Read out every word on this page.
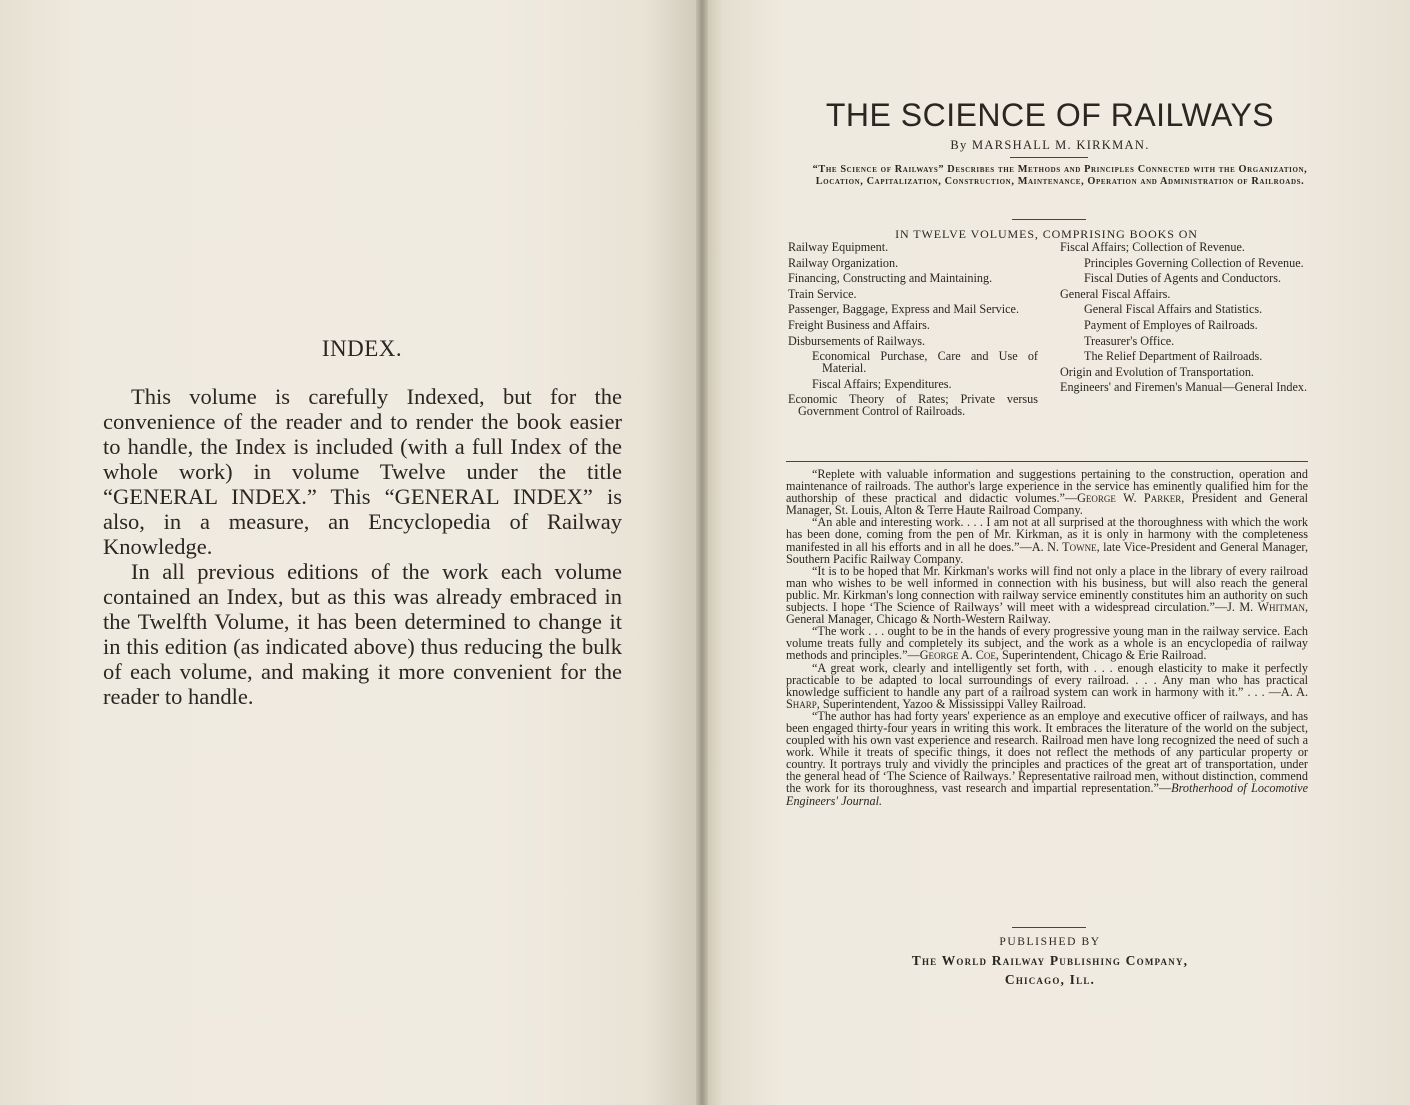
INDEX.

This volume is carefully Indexed, but for the convenience of the reader and to render the book easier to handle, the Index is included (with a full Index of the whole work) in volume Twelve under the title “GENERAL INDEX.” This “GENERAL INDEX” is also, in a measure, an Encyclopedia of Railway Knowledge.

In all previous editions of the work each volume contained an Index, but as this was already embraced in the Twelfth Volume, it has been determined to change it in this edition (as indicated above) thus reducing the bulk of each volume, and making it more convenient for the reader to handle.

THE SCIENCE OF RAILWAYS
By MARSHALL M. KIRKMAN.
“The Science of Railways” Describes the Methods and Principles Connected with the Organization, Location, Capitalization, Construction, Maintenance, Operation and Administration of Railroads.
IN TWELVE VOLUMES, COMPRISING BOOKS ON
Railway Equipment.
Railway Organization.
Financing, Constructing and Maintaining.
Train Service.
Passenger, Baggage, Express and Mail Service.
Freight Business and Affairs.
Disbursements of Railways.
Economical Purchase, Care and Use of Material.
Fiscal Affairs; Expenditures.
Economic Theory of Rates; Private versus Government Control of Railroads.
Fiscal Affairs; Collection of Revenue.
Principles Governing Collection of Revenue.
Fiscal Duties of Agents and Conductors.
General Fiscal Affairs.
General Fiscal Affairs and Statistics.
Payment of Employes of Railroads.
Treasurer's Office.
The Relief Department of Railroads.
Origin and Evolution of Transportation.
Engineers' and Firemen's Manual—General Index.

“Replete with valuable information and suggestions pertaining to the construction, operation and maintenance of railroads. The author's large experience in the service has eminently qualified him for the authorship of these practical and didactic volumes.”—George W. Parker, President and General Manager, St. Louis, Alton & Terre Haute Railroad Company.

“An able and interesting work. . . . I am not at all surprised at the thoroughness with which the work has been done, coming from the pen of Mr. Kirkman, as it is only in harmony with the completeness manifested in all his efforts and in all he does.”—A. N. Towne, late Vice-President and General Manager, Southern Pacific Railway Company.

“It is to be hoped that Mr. Kirkman's works will find not only a place in the library of every railroad man who wishes to be well informed in connection with his business, but will also reach the general public. Mr. Kirkman's long connection with railway service eminently constitutes him an authority on such subjects. I hope ‘The Science of Railways’ will meet with a widespread circulation.”—J. M. Whitman, General Manager, Chicago & North-Western Railway.

“The work . . . ought to be in the hands of every progressive young man in the railway service. Each volume treats fully and completely its subject, and the work as a whole is an encyclopedia of railway methods and principles.”—George A. Coe, Superintendent, Chicago & Erie Railroad.

“A great work, clearly and intelligently set forth, with . . . enough elasticity to make it perfectly practicable to be adapted to local surroundings of every railroad. . . . Any man who has practical knowledge sufficient to handle any part of a railroad system can work in harmony with it.” . . . —A. A. Sharp, Superintendent, Yazoo & Mississippi Valley Railroad.

“The author has had forty years' experience as an employe and executive officer of railways, and has been engaged thirty-four years in writing this work. It embraces the literature of the world on the subject, coupled with his own vast experience and research. Railroad men have long recognized the need of such a work. While it treats of specific things, it does not reflect the methods of any particular property or country. It portrays truly and vividly the principles and practices of the great art of transportation, under the general head of ‘The Science of Railways.’ Representative railroad men, without distinction, commend the work for its thoroughness, vast research and impartial representation.”—Brotherhood of Locomotive Engineers' Journal.

PUBLISHED BY
The World Railway Publishing Company,
Chicago, Ill.
